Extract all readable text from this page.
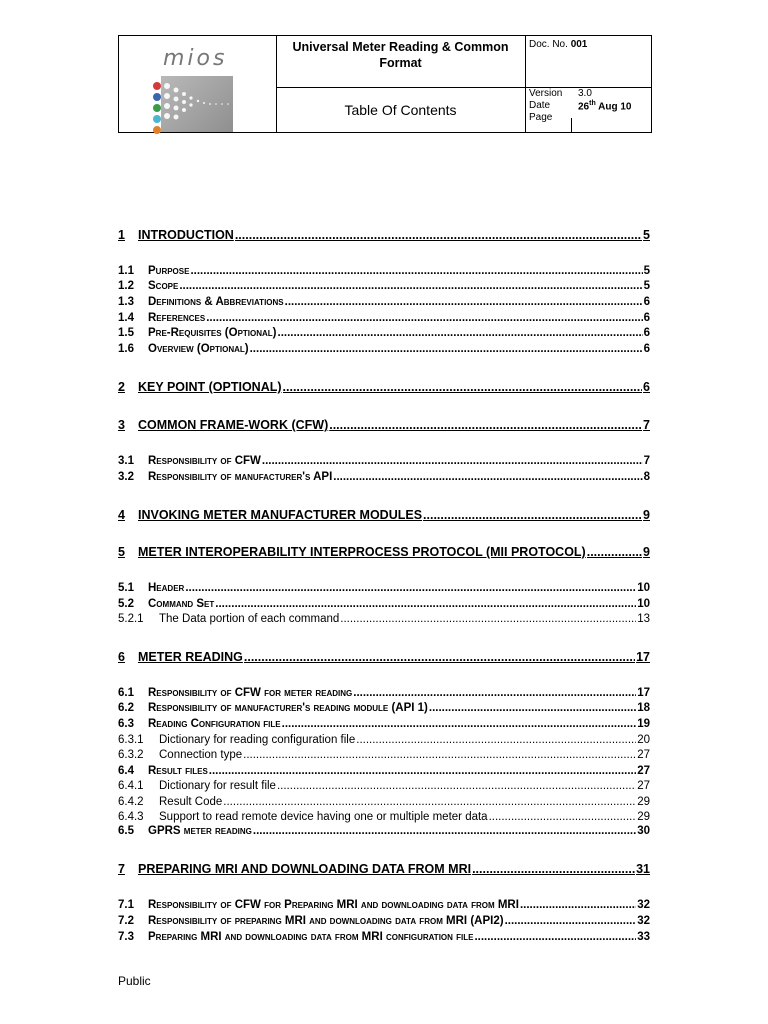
mios	Universal Meter Reading & Common Format
Table Of Contents
Doc. No. 001
Version 3.0
Date	26th Aug 10
Page
1	INTRODUCTION .....	5
1.1	Purpose .....	5
1.2	Scope .....	5
1.3	Definitions & Abbreviations .....	6
1.4	References .....	6
1.5	Pre-Requisites (Optional) .....	6
1.6	Overview (Optional) .....	6
2	KEY POINT (OPTIONAL) .....	6
3	COMMON FRAME-WORK (CFW) .....	7
3.1	Responsibility of CFW .....	7
3.2	Responsibility of manufacturer's API .....	8
4	INVOKING METER MANUFACTURER MODULES .....	9
5	METER INTEROPERABILITY INTERPROCESS PROTOCOL (MII PROTOCOL) .....	9
5.1	Header .....	10
5.2	Command Set .....	10
5.2.1	The Data portion of each command .....	13
6	METER READING .....	17
6.1	Responsibility of CFW for meter reading .....	17
6.2	Responsibility of manufacturer's reading module (API 1) .....	18
6.3	Reading Configuration file .....	19
6.3.1	Dictionary for reading configuration file .....	20
6.3.2	Connection type .....	27
6.4	Result files .....	27
6.4.1	Dictionary for result file .....	27
6.4.2	Result Code .....	29
6.4.3	Support to read remote device having one or multiple meter data .....	29
6.5	GPRS meter reading .....	30
7	PREPARING MRI AND DOWNLOADING DATA FROM MRI .....	31
7.1	Responsibility of CFW for Preparing MRI and downloading data from MRI .....	32
7.2	Responsibility of preparing MRI and downloading data from MRI (API2) .....	32
7.3	Preparing MRI and downloading data from MRI configuration file .....	33
Public
